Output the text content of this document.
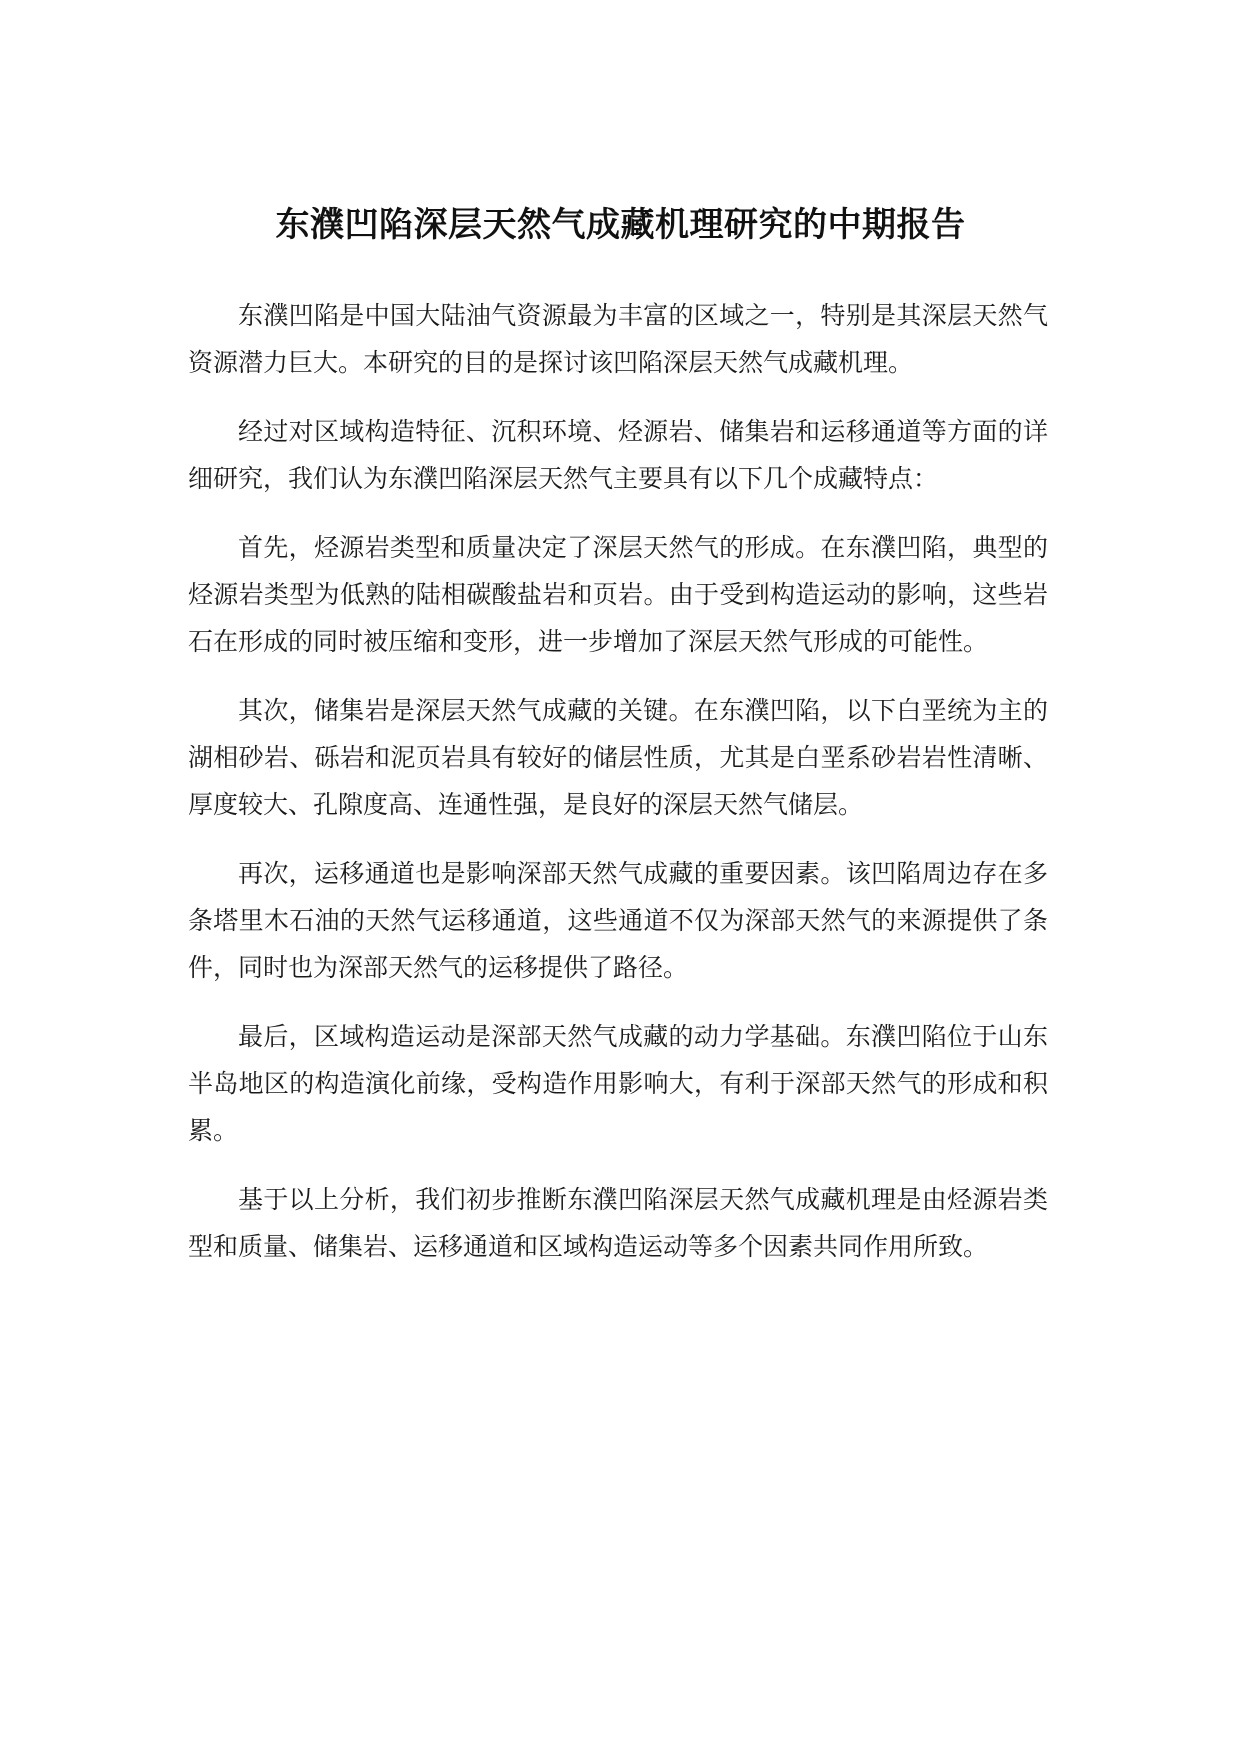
东濮凹陷深层天然气成藏机理研究的中期报告

东濮凹陷是中国大陆油气资源最为丰富的区域之一，特别是其深层天然气资源潜力巨大。本研究的目的是探讨该凹陷深层天然气成藏机理。

经过对区域构造特征、沉积环境、烃源岩、储集岩和运移通道等方面的详细研究，我们认为东濮凹陷深层天然气主要具有以下几个成藏特点：

首先，烃源岩类型和质量决定了深层天然气的形成。在东濮凹陷，典型的烃源岩类型为低熟的陆相碳酸盐岩和页岩。由于受到构造运动的影响，这些岩石在形成的同时被压缩和变形，进一步增加了深层天然气形成的可能性。

其次，储集岩是深层天然气成藏的关键。在东濮凹陷，以下白垩统为主的湖相砂岩、砾岩和泥页岩具有较好的储层性质，尤其是白垩系砂岩岩性清晰、厚度较大、孔隙度高、连通性强，是良好的深层天然气储层。

再次，运移通道也是影响深部天然气成藏的重要因素。该凹陷周边存在多条塔里木石油的天然气运移通道，这些通道不仅为深部天然气的来源提供了条件，同时也为深部天然气的运移提供了路径。

最后，区域构造运动是深部天然气成藏的动力学基础。东濮凹陷位于山东半岛地区的构造演化前缘，受构造作用影响大，有利于深部天然气的形成和积累。

基于以上分析，我们初步推断东濮凹陷深层天然气成藏机理是由烃源岩类型和质量、储集岩、运移通道和区域构造运动等多个因素共同作用所致。
